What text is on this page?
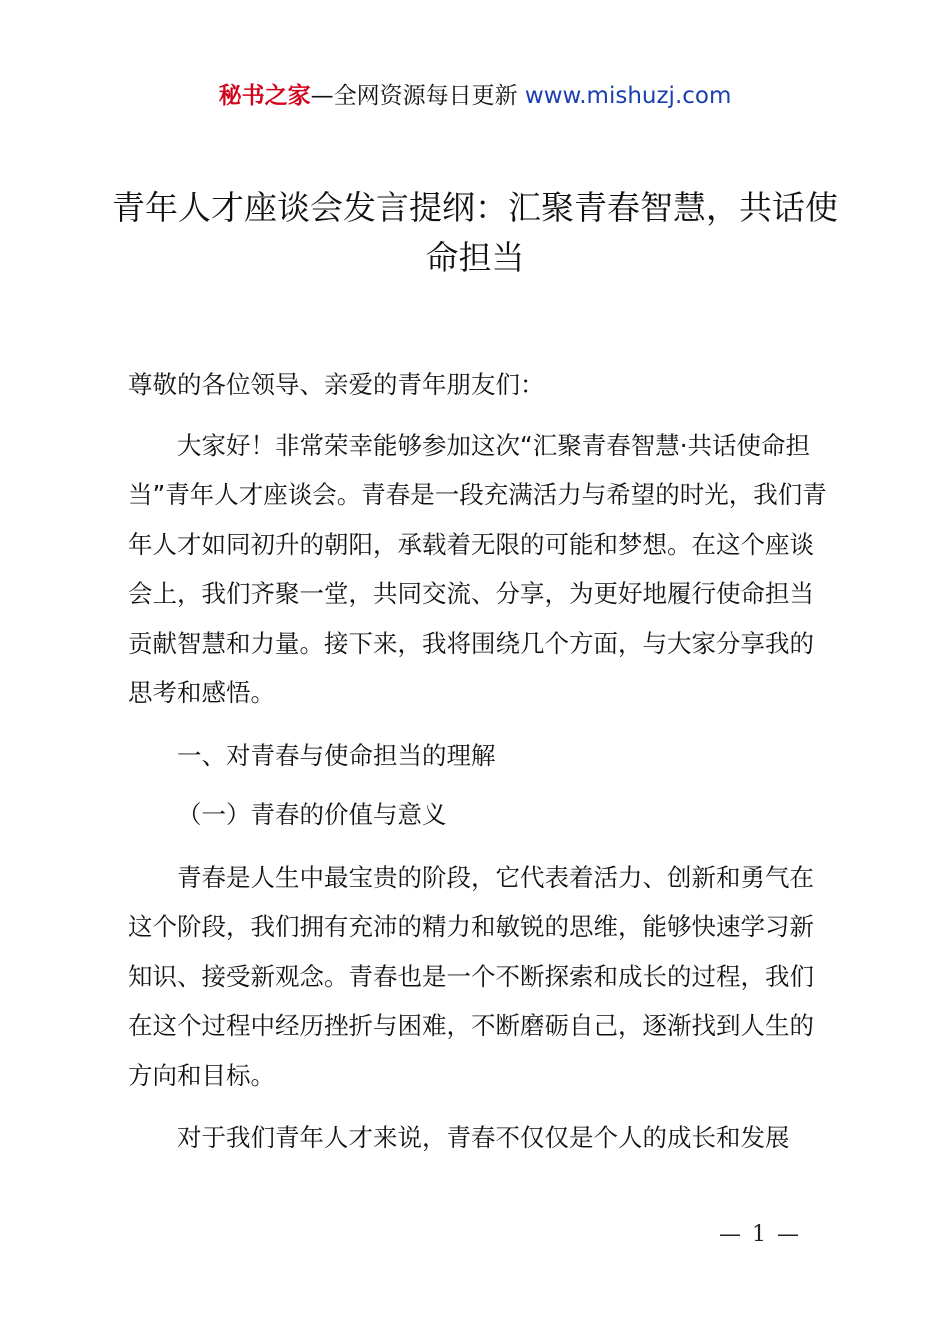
秘书之家—全网资源每日更新 www.mishuzj.com
青年人才座谈会发言提纲：汇聚青春智慧，共话使命担当

尊敬的各位领导、亲爱的青年朋友们：

大家好！非常荣幸能够参加这次“汇聚青春智慧·共话使命担当”青年人才座谈会。青春是一段充满活力与希望的时光，我们青年人才如同初升的朝阳，承载着无限的可能和梦想。在这个座谈会上，我们齐聚一堂，共同交流、分享，为更好地履行使命担当贡献智慧和力量。接下来，我将围绕几个方面，与大家分享我的思考和感悟。

一、对青春与使命担当的理解

（一）青春的价值与意义

青春是人生中最宝贵的阶段，它代表着活力、创新和勇气在这个阶段，我们拥有充沛的精力和敏锐的思维，能够快速学习新知识、接受新观念。青春也是一个不断探索和成长的过程，我们在这个过程中经历挫折与困难，不断磨砺自己，逐渐找到人生的方向和目标。

对于我们青年人才来说，青春不仅仅是个人的成长和发展

— 1 —
